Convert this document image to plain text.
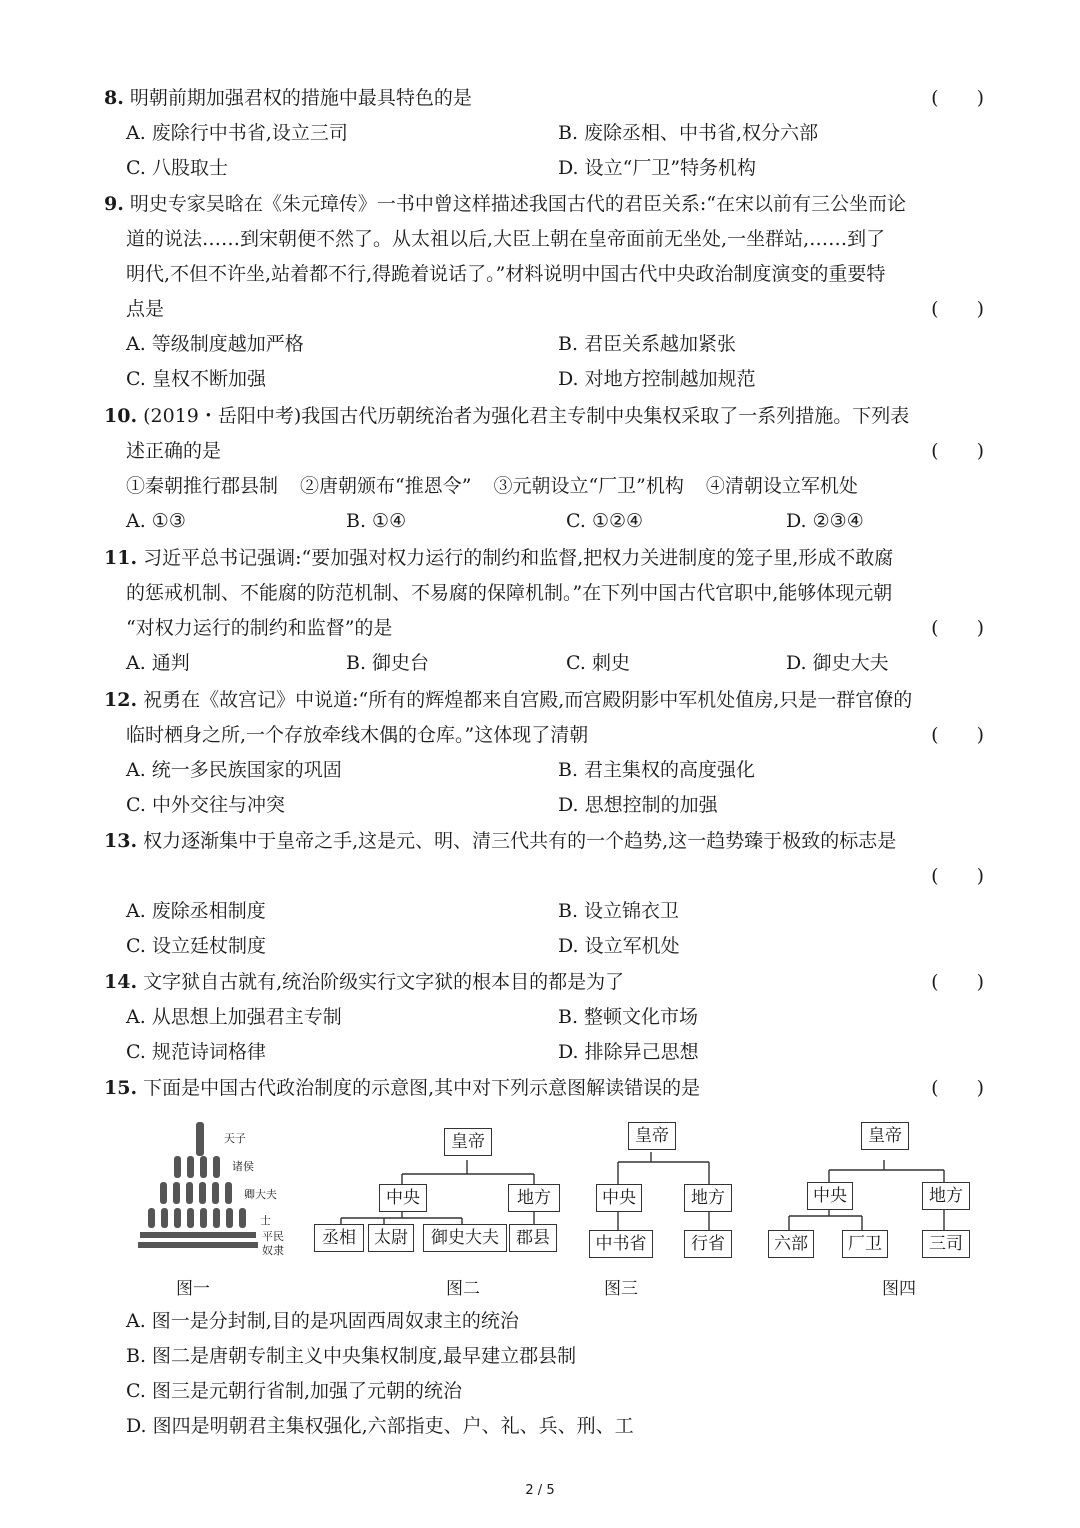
8. 明朝前期加强君权的措施中最具特色的是	(　　)
A. 废除行中书省,设立三司	B. 废除丞相、中书省,权分六部
C. 八股取士	D. 设立“厂卫”特务机构
9. 明史专家吴晗在《朱元璋传》一书中曾这样描述我国古代的君臣关系:“在宋以前有三公坐而论
道的说法……到宋朝便不然了。从太祖以后,大臣上朝在皇帝面前无坐处,一坐群站,……到了
明代,不但不许坐,站着都不行,得跪着说话了。”材料说明中国古代中央政治制度演变的重要特
点是	(　　)
A. 等级制度越加严格	B. 君臣关系越加紧张
C. 皇权不断加强	D. 对地方控制越加规范
10. (2019・岳阳中考)我国古代历朝统治者为强化君主专制中央集权采取了一系列措施。下列表
述正确的是	(　　)
①秦朝推行郡县制 ②唐朝颁布“推恩令” ③元朝设立“厂卫”机构 ④清朝设立军机处
A. ①③	B. ①④	C. ①②④	D. ②③④
11. 习近平总书记强调:“要加强对权力运行的制约和监督,把权力关进制度的笼子里,形成不敢腐
的惩戒机制、不能腐的防范机制、不易腐的保障机制。”在下列中国古代官职中,能够体现元朝
“对权力运行的制约和监督”的是	(　　)
A. 通判	B. 御史台	C. 刺史	D. 御史大夫
12. 祝勇在《故宫记》中说道:“所有的辉煌都来自宫殿,而宫殿阴影中军机处值房,只是一群官僚的
临时栖身之所,一个存放牵线木偶的仓库。”这体现了清朝	(　　)
A. 统一多民族国家的巩固	B. 君主集权的高度强化
C. 中外交往与冲突	D. 思想控制的加强
13. 权力逐渐集中于皇帝之手,这是元、明、清三代共有的一个趋势,这一趋势臻于极致的标志是
(　　)
A. 废除丞相制度	B. 设立锦衣卫
C. 设立廷杖制度	D. 设立军机处
14. 文字狱自古就有,统治阶级实行文字狱的根本目的都是为了	(　　)
A. 从思想上加强君主专制	B. 整顿文化市场
C. 规范诗词格律	D. 排除异己思想
15. 下面是中国古代政治制度的示意图,其中对下列示意图解读错误的是	(　　)
天子
诸侯
卿大夫
士
平民
奴隶
图一
皇帝
中央	地方
丞相	太尉	御史大夫	郡县
图二
皇帝
中央	地方
中书省	行省
图三
皇帝
中央	地方
六部	厂卫	三司
图四
A. 图一是分封制,目的是巩固西周奴隶主的统治
B. 图二是唐朝专制主义中央集权制度,最早建立郡县制
C. 图三是元朝行省制,加强了元朝的统治
D. 图四是明朝君主集权强化,六部指吏、户、礼、兵、刑、工
2 / 5
